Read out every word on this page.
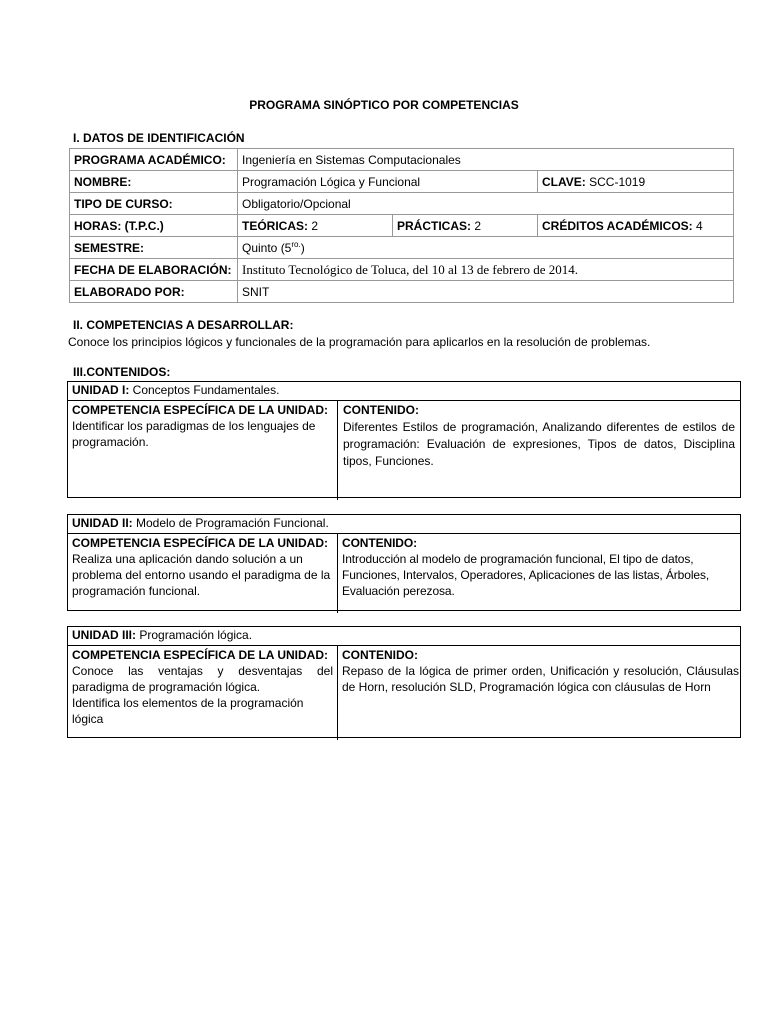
PROGRAMA SINÓPTICO POR COMPETENCIAS
I. DATOS DE IDENTIFICACIÓN
PROGRAMA ACADÉMICO:	Ingeniería en Sistemas Computacionales		
NOMBRE:	Programación Lógica y Funcional		CLAVE: SCC-1019
TIPO DE CURSO:	Obligatorio/Opcional		
HORAS: (T.P.C.)	TEÓRICAS: 2	PRÁCTICAS: 2	CRÉDITOS ACADÉMICOS: 4
SEMESTRE:	Quinto $(5^{ro.})$		
FECHA DE ELABORACIÓN:	Instituto Tecnológico de Toluca, del 10 al 13 de febrero de 2014.		
ELABORADO POR:	SNIT		
II. COMPETENCIAS A DESARROLLAR:
Conoce los principios lógicos y funcionales de la programación para aplicarlos en la resolución de problemas.
III.CONTENIDOS:
UNIDAD I: Conceptos Fundamentales.
COMPETENCIA ESPECÍFICA DE LA UNIDAD:
Identificar los paradigmas de los lenguajes de programación.
CONTENIDO:
Diferentes Estilos de programación, Analizando diferentes de estilos de programación: Evaluación de expresiones, Tipos de datos, Disciplina tipos, Funciones.
UNIDAD II: Modelo de Programación Funcional.
COMPETENCIA ESPECÍFICA DE LA UNIDAD:
Realiza una aplicación dando solución a un problema del entorno usando el paradigma de la programación funcional.
CONTENIDO:
Introducción al modelo de programación funcional, El tipo de datos, Funciones, Intervalos, Operadores, Aplicaciones de las listas, Árboles, Evaluación perezosa.
UNIDAD III: Programación lógica.
COMPETENCIA ESPECÍFICA DE LA UNIDAD:
Conoce las ventajas y desventajas del paradigma de programación lógica.
Identifica los elementos de la programación lógica
CONTENIDO:
Repaso de la lógica de primer orden, Unificación y resolución, Cláusulas de Horn, resolución SLD, Programación lógica con cláusulas de Horn
